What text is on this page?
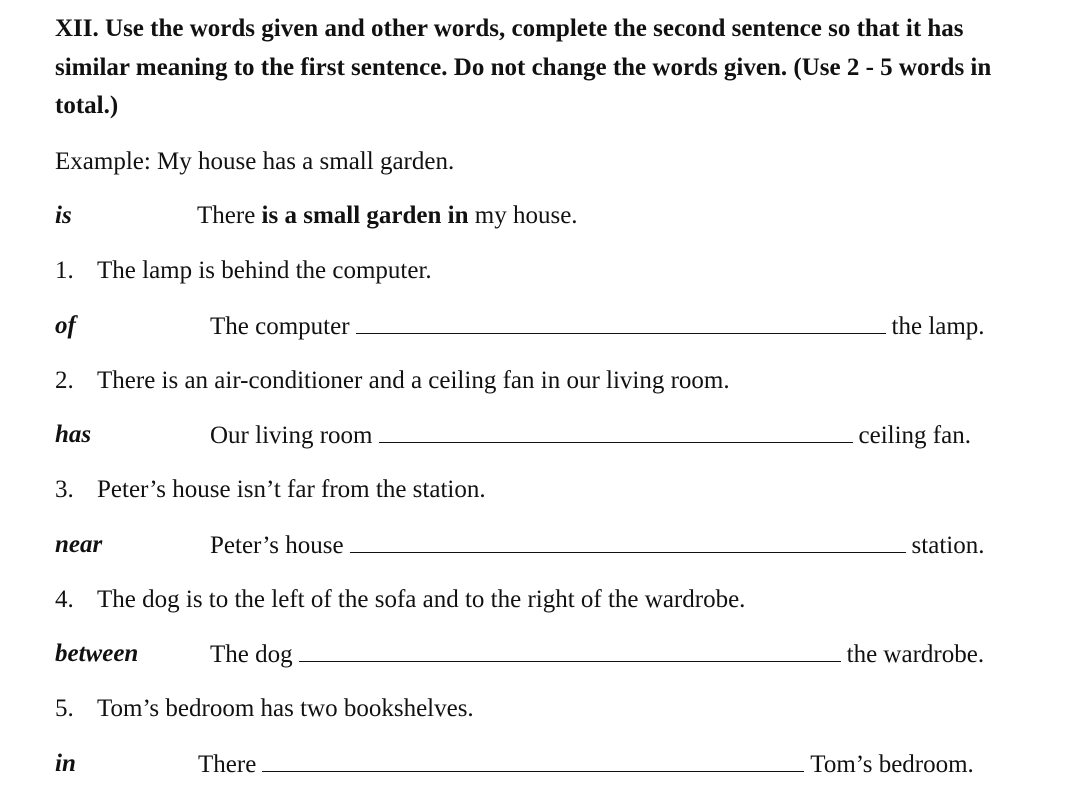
XII. Use the words given and other words, complete the second sentence so that it has similar meaning to the first sentence. Do not change the words given. (Use 2 - 5 words in total.)
Example: My house has a small garden.
is	There is a small garden in my house.
1. The lamp is behind the computer.
of	The computer	the lamp.
2. There is an air-conditioner and a ceiling fan in our living room.
has	Our living room	ceiling fan.
3. Peter’s house isn’t far from the station.
near	Peter’s house	station.
4. The dog is to the left of the sofa and to the right of the wardrobe.
between	The dog	the wardrobe.
5. Tom’s bedroom has two bookshelves.
in	There	Tom’s bedroom.
